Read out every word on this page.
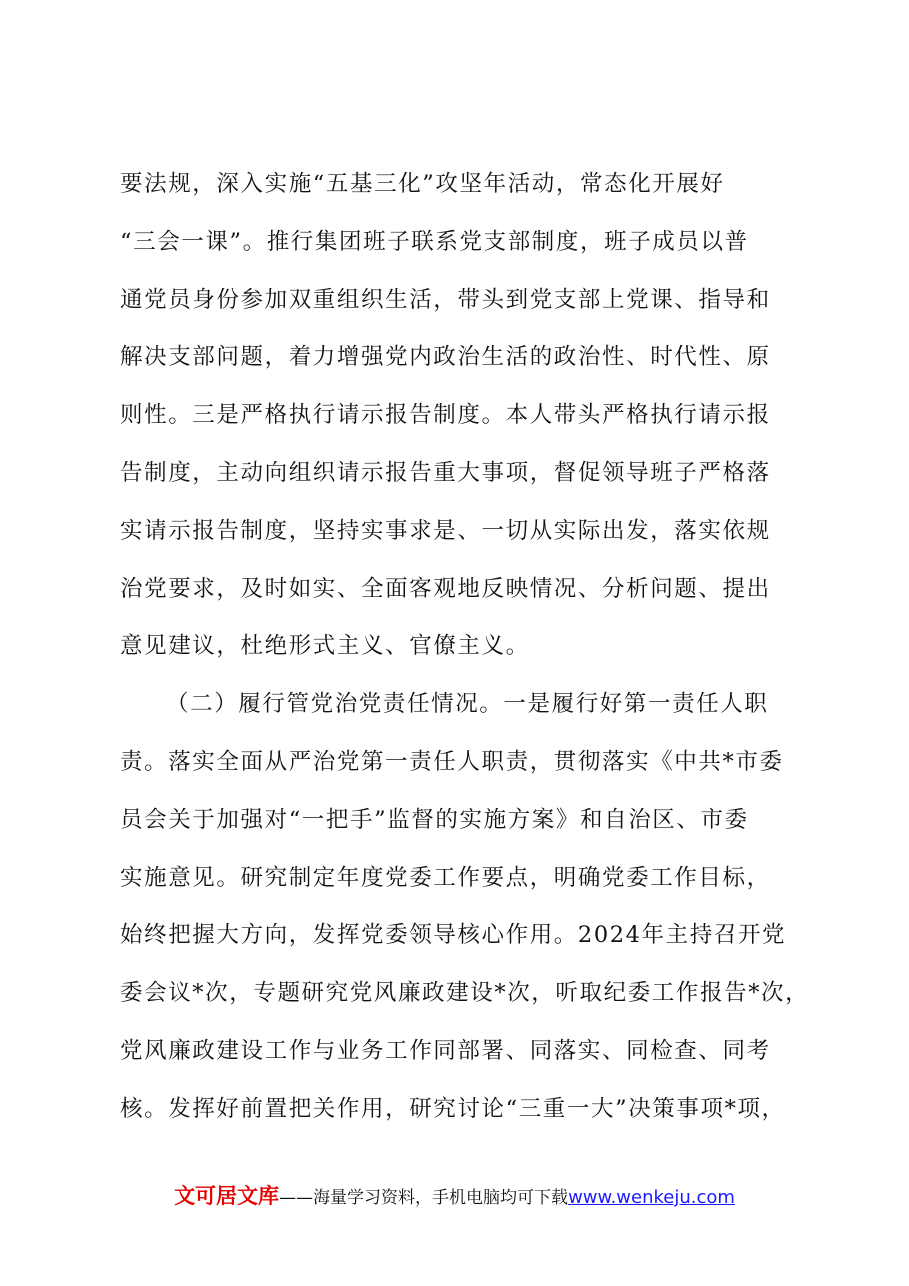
要法规，深入实施“五基三化”攻坚年活动，常态化开展好
“三会一课”。推行集团班子联系党支部制度，班子成员以普
通党员身份参加双重组织生活，带头到党支部上党课、指导和
解决支部问题，着力增强党内政治生活的政治性、时代性、原
则性。三是严格执行请示报告制度。本人带头严格执行请示报
告制度，主动向组织请示报告重大事项，督促领导班子严格落
实请示报告制度，坚持实事求是、一切从实际出发，落实依规
治党要求，及时如实、全面客观地反映情况、分析问题、提出
意见建议，杜绝形式主义、官僚主义。
（二）履行管党治党责任情况。一是履行好第一责任人职
责。落实全面从严治党第一责任人职责，贯彻落实《中共*市委
员会关于加强对“一把手”监督的实施方案》和自治区、市委
实施意见。研究制定年度党委工作要点，明确党委工作目标，
始终把握大方向，发挥党委领导核心作用。2024年主持召开党
委会议*次，专题研究党风廉政建设*次，听取纪委工作报告*次，
党风廉政建设工作与业务工作同部署、同落实、同检查、同考
核。发挥好前置把关作用，研究讨论“三重一大”决策事项*项，
文可居文库——海量学习资料，手机电脑均可下载www.wenkeju.com
